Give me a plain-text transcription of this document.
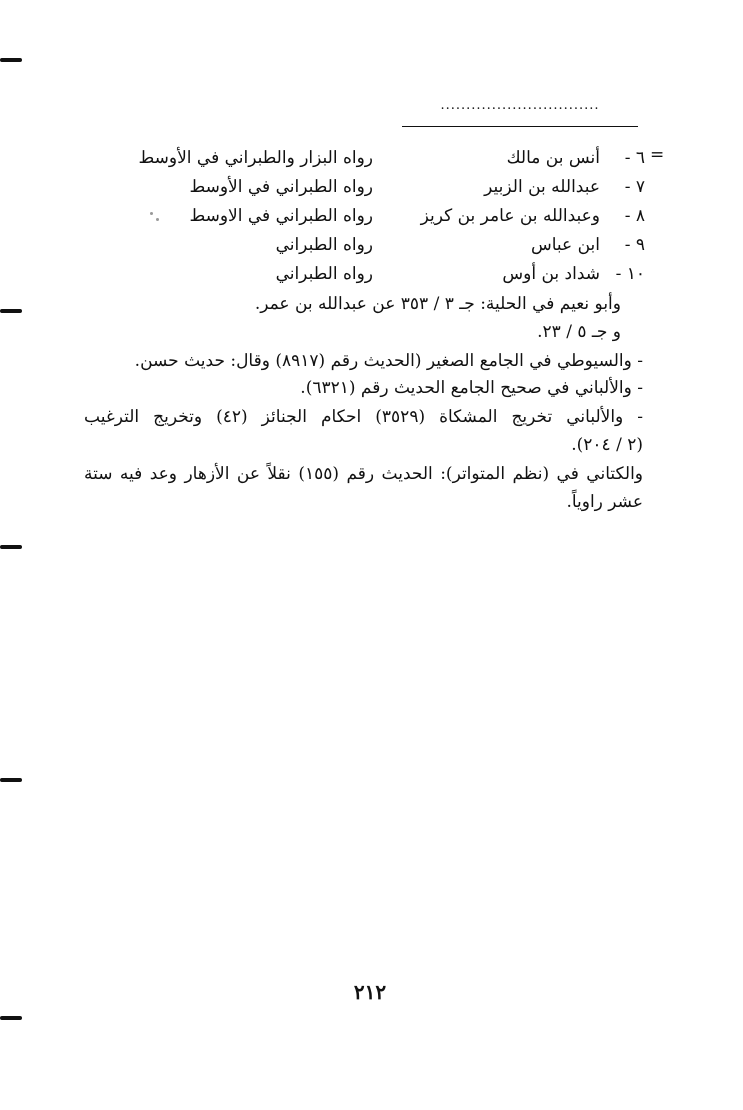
...............................
=
٦ -
أنس بن مالك
رواه البزار والطبراني في الأوسط
٧ -
عبدالله بن الزبير
رواه الطبراني في الأوسط
٨ -
وعبدالله بن عامر بن كريز
رواه الطبراني في الاوسط
٩ -
ابن عباس
رواه الطبراني
١٠ -
شداد بن أوس
رواه الطبراني
وأبو نعيم في الحلية: جـ ٣ / ٣٥٣ عن عبدالله بن عمر.
و جـ ٥ / ٢٣.
- والسيوطي في الجامع الصغير (الحديث رقم (٨٩١٧) وقال: حديث حسن.
- والألباني في صحيح الجامع الحديث رقم (٦٣٢١).
- والألباني تخريج المشكاة (٣٥٢٩) احكام الجنائز (٤٢) وتخريج الترغيب
(٢ / ٢٠٤).
والكتاني في (نظم المتواتر): الحديث رقم (١٥٥) نقلاً عن الأزهار وعد فيه ستة
عشر راوياً.
٢١٢
